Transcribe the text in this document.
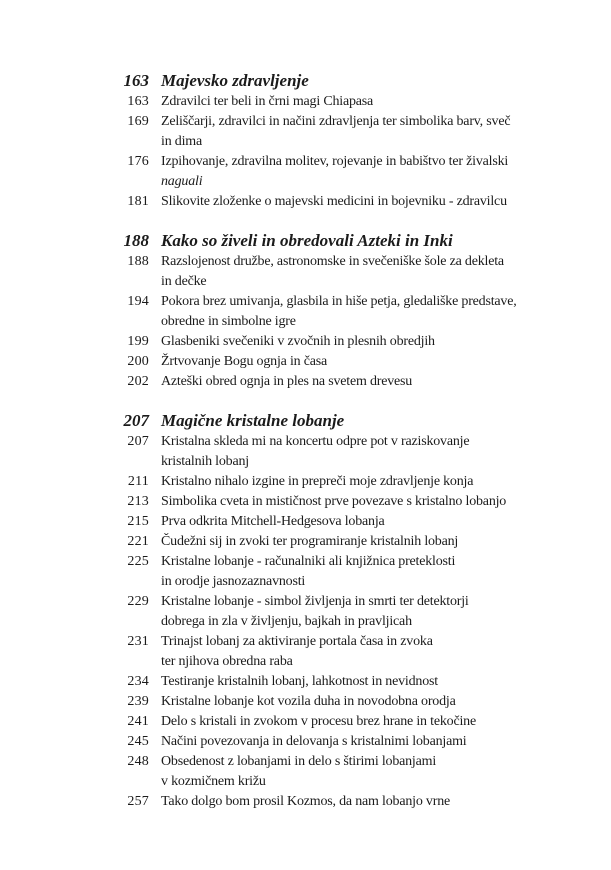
163 Majevsko zdravljenje
163 Zdravilci ter beli in črni magi Chiapasa
169 Zeliščarji, zdravilci in načini zdravljenja ter simbolika barv, sveč
in dima
176 Izpihovanje, zdravilna molitev, rojevanje in babištvo ter živalski
naguali
181 Slikovite zloženke o majevski medicini in bojevniku - zdravilcu
188 Kako so živeli in obredovali Azteki in Inki
188 Razslojenost družbe, astronomske in svečeniške šole za dekleta
in dečke
194 Pokora brez umivanja, glasbila in hiše petja, gledališke predstave,
obredne in simbolne igre
199 Glasbeniki svečeniki v zvočnih in plesnih obredjih
200 Žrtvovanje Bogu ognja in časa
202 Azteški obred ognja in ples na svetem drevesu
207 Magične kristalne lobanje
207 Kristalna skleda mi na koncertu odpre pot v raziskovanje
kristalnih lobanj
211 Kristalno nihalo izgine in prepreči moje zdravljenje konja
213 Simbolika cveta in mističnost prve povezave s kristalno lobanjo
215 Prva odkrita Mitchell-Hedgesova lobanja
221 Čudežni sij in zvoki ter programiranje kristalnih lobanj
225 Kristalne lobanje - računalniki ali knjižnica preteklosti
in orodje jasnozaznavnosti
229 Kristalne lobanje - simbol življenja in smrti ter detektorji
dobrega in zla v življenju, bajkah in pravljicah
231 Trinajst lobanj za aktiviranje portala časa in zvoka
ter njihova obredna raba
234 Testiranje kristalnih lobanj, lahkotnost in nevidnost
239 Kristalne lobanje kot vozila duha in novodobna orodja
241 Delo s kristali in zvokom v procesu brez hrane in tekočine
245 Načini povezovanja in delovanja s kristalnimi lobanjami
248 Obsedenost z lobanjami in delo s štirimi lobanjami
v kozmičnem križu
257 Tako dolgo bom prosil Kozmos, da nam lobanjo vrne
